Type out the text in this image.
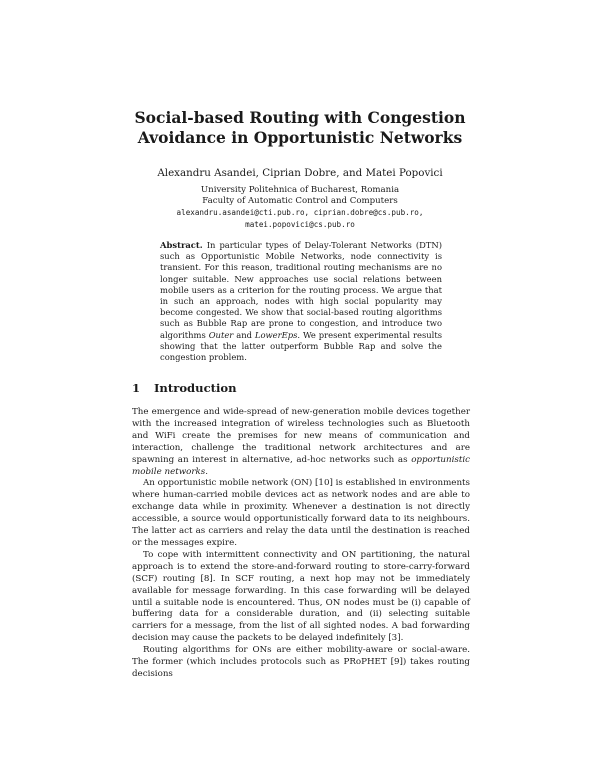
Social-based Routing with Congestion
Avoidance in Opportunistic Networks
Alexandru Asandei, Ciprian Dobre, and Matei Popovici
University Politehnica of Bucharest, Romania
Faculty of Automatic Control and Computers
alexandru.asandei@cti.pub.ro, ciprian.dobre@cs.pub.ro,
matei.popovici@cs.pub.ro
Abstract. In particular types of Delay-Tolerant Networks (DTN) such as Opportunistic Mobile Networks, node connectivity is transient. For this reason, traditional routing mechanisms are no longer suitable. New approaches use social relations between mobile users as a criterion for the routing process. We argue that in such an approach, nodes with high social popularity may become congested. We show that social-based routing algorithms such as Bubble Rap are prone to congestion, and introduce two algorithms Outer and LowerEps. We present experimental results showing that the latter outperform Bubble Rap and solve the congestion problem.
1 Introduction

The emergence and wide-spread of new-generation mobile devices together with the increased integration of wireless technologies such as Bluetooth and WiFi create the premises for new means of communication and interaction, challenge the traditional network architectures and are spawning an interest in alternative, ad-hoc networks such as opportunistic mobile networks.

An opportunistic mobile network (ON) [10] is established in environments where human-carried mobile devices act as network nodes and are able to exchange data while in proximity. Whenever a destination is not directly accessible, a source would opportunistically forward data to its neighbours. The latter act as carriers and relay the data until the destination is reached or the messages expire.

To cope with intermittent connectivity and ON partitioning, the natural approach is to extend the store-and-forward routing to store-carry-forward (SCF) routing [8]. In SCF routing, a next hop may not be immediately available for message forwarding. In this case forwarding will be delayed until a suitable node is encountered. Thus, ON nodes must be (i) capable of buffering data for a considerable duration, and (ii) selecting suitable carriers for a message, from the list of all sighted nodes. A bad forwarding decision may cause the packets to be delayed indefinitely [3].

Routing algorithms for ONs are either mobility-aware or social-aware. The former (which includes protocols such as PRoPHET [9]) takes routing decisions
